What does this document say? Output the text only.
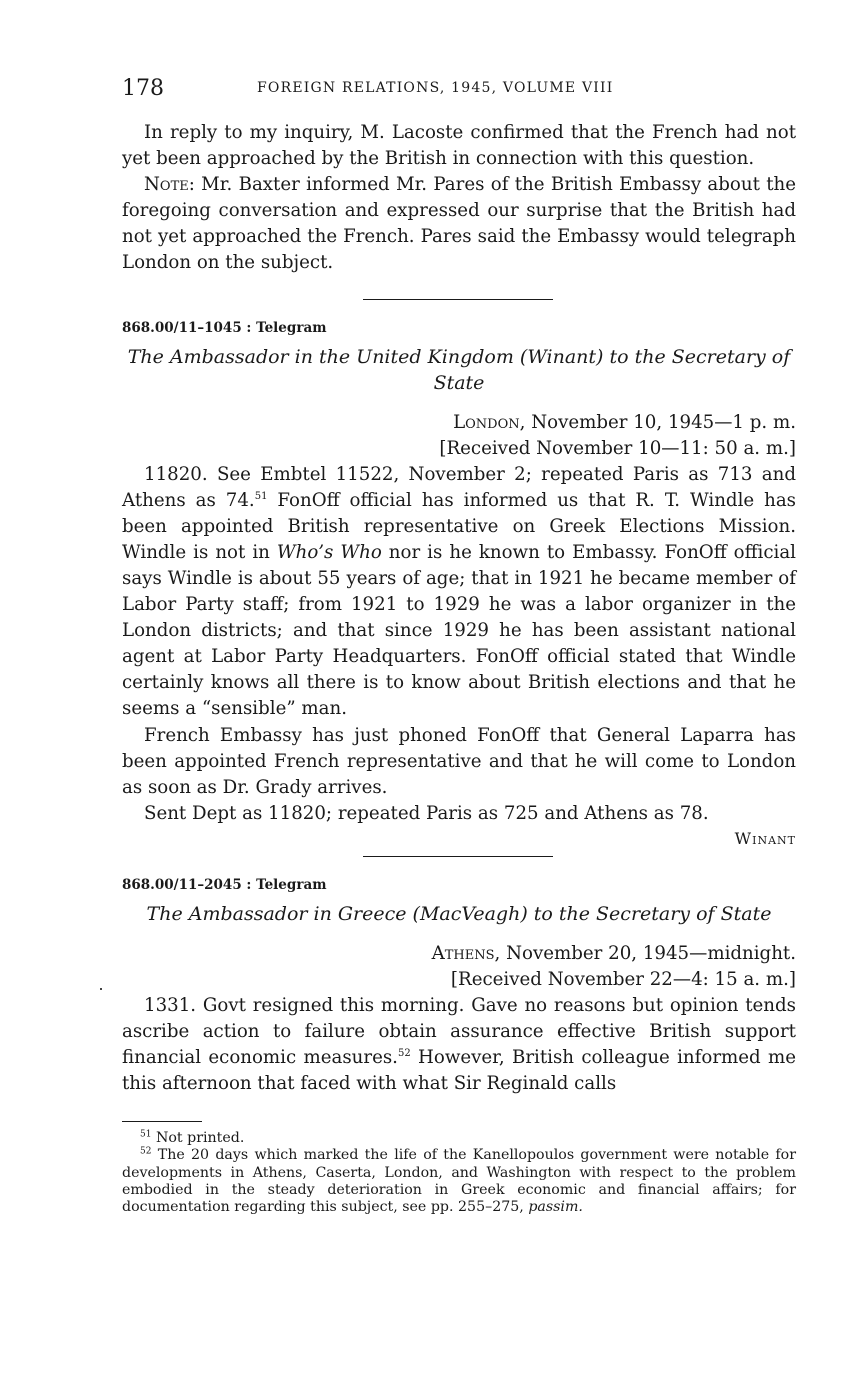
178	FOREIGN RELATIONS, 1945, VOLUME VIII

In reply to my inquiry, M. Lacoste confirmed that the French had not yet been approached by the British in connection with this question.

Note: Mr. Baxter informed Mr. Pares of the British Embassy about the foregoing conversation and expressed our surprise that the British had not yet approached the French. Pares said the Embassy would telegraph London on the subject.

868.00/11–1045 : Telegram
The Ambassador in the United Kingdom (Winant) to the Secretary of State
London, November 10, 1945—1 p. m.
[Received November 10—11: 50 a. m.]

11820. See Embtel 11522, November 2; repeated Paris as 713 and Athens as 74.51 FonOff official has informed us that R. T. Windle has been appointed British representative on Greek Elections Mission. Windle is not in Who’s Who nor is he known to Embassy. FonOff official says Windle is about 55 years of age; that in 1921 he became member of Labor Party staff; from 1921 to 1929 he was a labor organizer in the London districts; and that since 1929 he has been assistant national agent at Labor Party Headquarters. FonOff official stated that Windle certainly knows all there is to know about British elections and that he seems a “sensible” man.

French Embassy has just phoned FonOff that General Laparra has been appointed French representative and that he will come to London as soon as Dr. Grady arrives.

Sent Dept as 11820; repeated Paris as 725 and Athens as 78.

Winant
868.00/11–2045 : Telegram
The Ambassador in Greece (MacVeagh) to the Secretary of State
Athens, November 20, 1945—midnight.
[Received November 22—4: 15 a. m.]

1331. Govt resigned this morning. Gave no reasons but opinion tends ascribe action to failure obtain assurance effective British support financial economic measures.$^{52}$ However, British colleague informed me this afternoon that faced with what Sir Reginald calls

$^{51}$ Not printed.

$^{52}$ The 20 days which marked the life of the Kanellopoulos government were notable for developments in Athens, Caserta, London, and Washington with respect to the problem embodied in the steady deterioration in Greek economic and financial affairs; for documentation regarding this subject, see pp. 255–275, passim.
